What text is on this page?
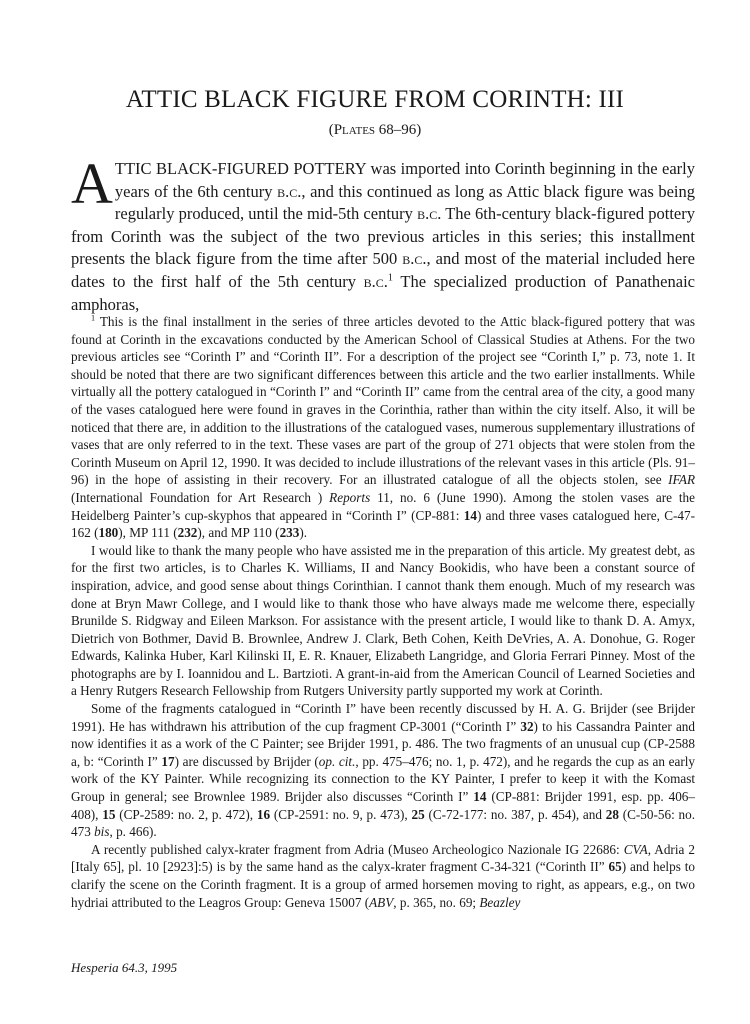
ATTIC BLACK FIGURE FROM CORINTH: III
(Plates 68–96)
ATTIC BLACK-FIGURED POTTERY was imported into Corinth beginning in the early years of the 6th century b.c., and this continued as long as Attic black figure was being regularly produced, until the mid-5th century b.c. The 6th-century black-figured pottery from Corinth was the subject of the two previous articles in this series; this installment presents the black figure from the time after 500 b.c., and most of the material included here dates to the first half of the 5th century b.c.$^1$ The specialized production of Panathenaic amphoras,

$^1$ This is the final installment in the series of three articles devoted to the Attic black-figured pottery that was found at Corinth in the excavations conducted by the American School of Classical Studies at Athens. For the two previous articles see “Corinth I” and “Corinth II”. For a description of the project see “Corinth I,” p. 73, note 1. It should be noted that there are two significant differences between this article and the two earlier installments. While virtually all the pottery catalogued in “Corinth I” and “Corinth II” came from the central area of the city, a good many of the vases catalogued here were found in graves in the Corinthia, rather than within the city itself. Also, it will be noticed that there are, in addition to the illustrations of the catalogued vases, numerous supplementary illustrations of vases that are only referred to in the text. These vases are part of the group of 271 objects that were stolen from the Corinth Museum on April 12, 1990. It was decided to include illustrations of the relevant vases in this article (Pls. 91–96) in the hope of assisting in their recovery. For an illustrated catalogue of all the objects stolen, see IFAR (International Foundation for Art Research ) Reports 11, no. 6 (June 1990). Among the stolen vases are the Heidelberg Painter’s cup-skyphos that appeared in “Corinth I” (CP-881: 14) and three vases catalogued here, C-47-162 (180), MP 111 (232), and MP 110 (233).

I would like to thank the many people who have assisted me in the preparation of this article. My greatest debt, as for the first two articles, is to Charles K. Williams, II and Nancy Bookidis, who have been a constant source of inspiration, advice, and good sense about things Corinthian. I cannot thank them enough. Much of my research was done at Bryn Mawr College, and I would like to thank those who have always made me welcome there, especially Brunilde S. Ridgway and Eileen Markson. For assistance with the present article, I would like to thank D. A. Amyx, Dietrich von Bothmer, David B. Brownlee, Andrew J. Clark, Beth Cohen, Keith DeVries, A. A. Donohue, G. Roger Edwards, Kalinka Huber, Karl Kilinski II, E. R. Knauer, Elizabeth Langridge, and Gloria Ferrari Pinney. Most of the photographs are by I. Ioannidou and L. Bartzioti. A grant-in-aid from the American Council of Learned Societies and a Henry Rutgers Research Fellowship from Rutgers University partly supported my work at Corinth.

Some of the fragments catalogued in “Corinth I” have been recently discussed by H. A. G. Brijder (see Brijder 1991). He has withdrawn his attribution of the cup fragment CP-3001 (“Corinth I” 32) to his Cassandra Painter and now identifies it as a work of the C Painter; see Brijder 1991, p. 486. The two fragments of an unusual cup (CP-2588 a, b: “Corinth I” 17) are discussed by Brijder (op. cit., pp. 475–476; no. 1, p. 472), and he regards the cup as an early work of the KY Painter. While recognizing its connection to the KY Painter, I prefer to keep it with the Komast Group in general; see Brownlee 1989. Brijder also discusses “Corinth I” 14 (CP-881: Brijder 1991, esp. pp. 406–408), 15 (CP-2589: no. 2, p. 472), 16 (CP-2591: no. 9, p. 473), 25 (C-72-177: no. 387, p. 454), and 28 (C-50-56: no. 473 bis, p. 466).

A recently published calyx-krater fragment from Adria (Museo Archeologico Nazionale IG 22686: CVA, Adria 2 [Italy 65], pl. 10 [2923]:5) is by the same hand as the calyx-krater fragment C-34-321 (“Corinth II” 65) and helps to clarify the scene on the Corinth fragment. It is a group of armed horsemen moving to right, as appears, e.g., on two hydriai attributed to the Leagros Group: Geneva 15007 (ABV, p. 365, no. 69; Beazley

Hesperia 64.3, 1995
